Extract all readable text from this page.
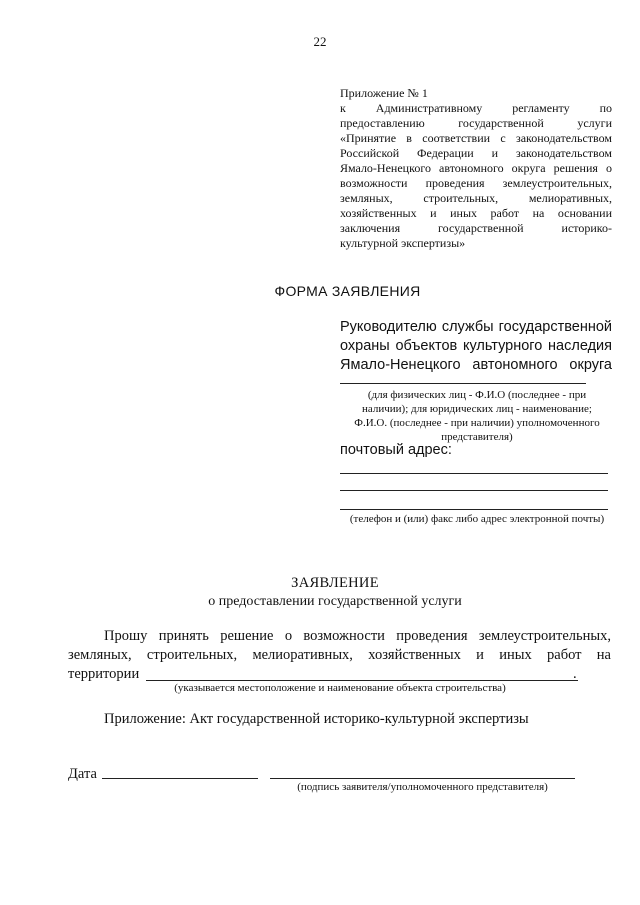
22
Приложение № 1
к Административному регламенту по
предоставлению государственной услуги
«Принятие в соответствии с законодательством
Российской Федерации и законодательством
Ямало-Ненецкого автономного округа решения о
возможности проведения землеустроительных,
земляных, строительных, мелиоративных,
хозяйственных и иных работ на основании
заключения государственной историко-
культурной экспертизы»
ФОРМА ЗАЯВЛЕНИЯ
Руководителю службы государственной
охраны объектов культурного наследия
Ямало-Ненецкого автономного округа
(для физических лиц - Ф.И.О (последнее - при
наличии); для юридических лиц - наименование;
Ф.И.О. (последнее - при наличии) уполномоченного
представителя)
почтовый адрес:
(телефон и (или) факс либо адрес электронной почты)
ЗАЯВЛЕНИЕ
о предоставлении государственной услуги
Прошу принять решение о возможности проведения землеустроительных,
земляных, строительных, мелиоративных, хозяйственных и иных работ на
территории	.
(указывается местоположение и наименование объекта строительства)
Приложение: Акт государственной историко-культурной экспертизы
Дата
(подпись заявителя/уполномоченного представителя)
